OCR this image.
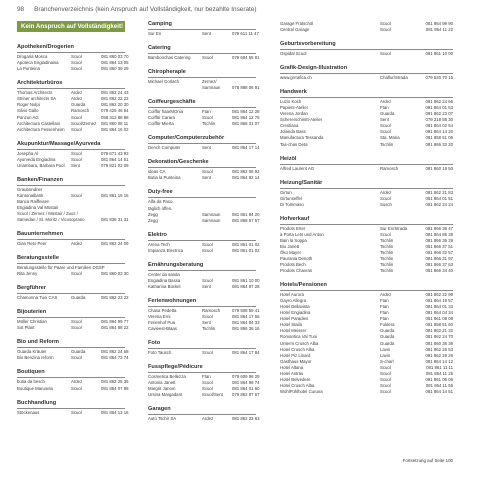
98 Branchenverzeichnis (kein Anspruch auf Vollständigkeit, nur bezahlte Inserate)
Kein Anspruch auf Vollständigkeit!
Apotheken/Drogerien
Drogaria Mosca	Scuol	081 860 03 70
Apoteca Engiadinaisa	Scuol	081 864 13 05
La Punteina	Scuol	081 860 39 29
Architekturbüros
Thomas Architects	Ardez	081 862 24 43
Striner architects SA	Ardez	081 862 22 22
Roger Nulpi	Guarda	081 862 20 30
Silvio Gallo	Ramosch	079 425 46 54
Panzun AG	Scuol	058 312 88 88
Architectura Castellani	Scuol/Zernez	081 860 08 11
Architectura Fessenheim	Scuol	081 864 16 02
Akupunktur/Massage/Ayurveda
Josepha Al	Scuol	079 671 43 93
Ayurveda Engiadina	Scuol	081 864 14 51
Unambara, Barbara Pool	Sent	079 821 02 09
Banken/Finanzen
Graubündner
Kantonalbank	Scuol	081 861 15 15
Banca Raiffeisen
Engiadina Val Müstair
Scuol / Zernez / Müstair / Zuoz /
Samedan / St. Moritz / Vicosoprano	081 836 31 31
Bauunternehmen
Gian Reto Peer	Ardez	081 862 24 09
Beratungsstelle
Beratungsstelle für Paare und Familien DGSP
Rita Jenny	Scuol	081 860 03 30
Bergführer
Chamonna Tuoi CAS	Guarda	081 862 23 22
Bijouterien
Müller Christian	Scuol	081 864 99 77
Sot Plant	Scuol	081 864 88 22
Bio und Reform
Guarda Kräuter	Guarda	081 862 24 58
Bio Benzina reform	Scuol	081 864 73 74
Boutiquen
butia da besch	Ardez	081 862 25 35
Boutique Marusela	Scuol	081 864 07 88
Buchhandlung
Stöckenaus	Scuol	081 864 13 16
Camping
Sur En	Sent	079 611 11 47
Catering
Bamboochas Catering	Scuol	079 684 55 81
Chiropheraple
Michael Gorlach	Zernez/
Samnaun	078 888 06 91
Coiffeurgeschäfte
Coiffür haarMOnia	Ftan	081 864 12 28
Coiffür Carara	Scuol	081 864 12 75
Coiffür Mierta	Tschlin	081 866 31 07
Computer/Computerzubehör
Dench Computer	Sent	081 864 17 14
Dekoration/Geschenke
ideas CA	Scuol	081 862 06 92
Butia la Punteina	Sent	081 864 82 14
Duty-free
Alfa da Paso,
täglich offen.
Zegg	Samnaun	081 861 84 20
Zegg	Samnaun	081 868 57 57
Elektro
Arena Tech	Scuol	081 861 01 02
Impianza Electrica	Scuol	081 861 01 02
Ernährungsberatung
Center da sanda
Engiadina Bassa	Scuol	081 861 10 00
Katharina Bückel	Sent	081 864 87 28
Ferienwohnungen
Chasa Pedetta	Ramosch	079 508 59 41
Verena Erni	Scuol	081 864 17 56
Ferienhof Pua	Sent	081 864 84 33
Cavieest-Blaas	Tschlin	081 866 36 16
Foto
Foto Tausch	Scuol	081 864 17 84
Fusspflege/Pédicure
Cosmetica Bellezza	Ftan	079 609 96 29
Antonia Janett	Scuol	081 864 96 74
Margrit Janom	Scuol	081 864 01 60
Ursina Margadant	Scuol/Sent	079 862 87 67
Garagen
Auto Tschir SA	Ardez	081 862 23 63
Garage Fratschöl	Scuol	081 864 99 90
Central Garage	Scuol	081 864 11 22
Geburtsvorbereitung
Ospidal Scuol	Scuol	081 861 10 00
Grafik-Design-Illustration
www.grrrafica.ch	Chaflur/Strada	079 520 70 15
Handwerk
Luzio Koch	Ardez	081 862 24 66
Papiers-Atelier	Ftan	081 864 01 53
Verena Jordan	Guarda	081 862 23 07
Schererschmitt-Atelier	Sent	079 218 88 30
Crestiana	Scuol	081 864 02 54
Jolanda Bass	Scuol	081 864 14 20
Manufactura Tessanda	Sta. Maria	081 858 51 06
Tas-chas Deta	Tschlin	081 866 33 20
Heizöl
Alfred Laurent AG	Ramosch	081 860 19 50
Heizung/Sanitär
Girtun	Ardez	081 862 21 83
Girtunseffel	Scuol	081 864 01 51
Di Tommaso	Susch	081 862 24 24
Hofverkauf
Prodots Erter	Sur En/Strada	081 866 36 47
à Porta Lets und Anton	Scuol	081 864 86 38
Bain la Soppa	Tschlin	081 866 36 29
Bio Janett	Tschlin	081 866 37 51
Öko Mayer	Tschlin	081 866 32 57
Paurania Denoth	Tschlin	081 866 31 97
Prodots Bech	Tschlin	081 866 37 63
Prodots Chavras	Tschlin	081 866 34 40
Hotels/Pensionen
Hotel Aurora	Ardez	081 862 22 99
Gayro Allegra	Ftan	081 864 19 57
Hotel Bellavista	Ftan	081 864 01 33
Hotel Engiadina	Ftan	081 864 04 34
Hotel Paradies	Ftan	081 861 08 08
Hotel Staila	Fuldera	081 858 51 60
Hotel Meisser	Guarda	081 862 21 32
Romantica Val Tuoi	Guarda	081 862 24 70
Unterm Crusch Alba	Guarda	081 860 36 39
Hotel Crusch Alba	Lavin	081 862 26 53
Hotel Piz Linard	Lavin	081 862 26 26
Gasthaus Mayor	S-charl	081 864 14 12
Hotel Altana	Scuol	081 861 11 11
Hotel Astras	Scuol	081 864 11 25
Hotel Belvedere	Scuol	081 861 06 06
Hotel Crusch Alba	Scuol	081 864 11 55
WohlFühlhotel Curuna	Scuol	081 864 14 51
Fortsetzung auf Seite 100
